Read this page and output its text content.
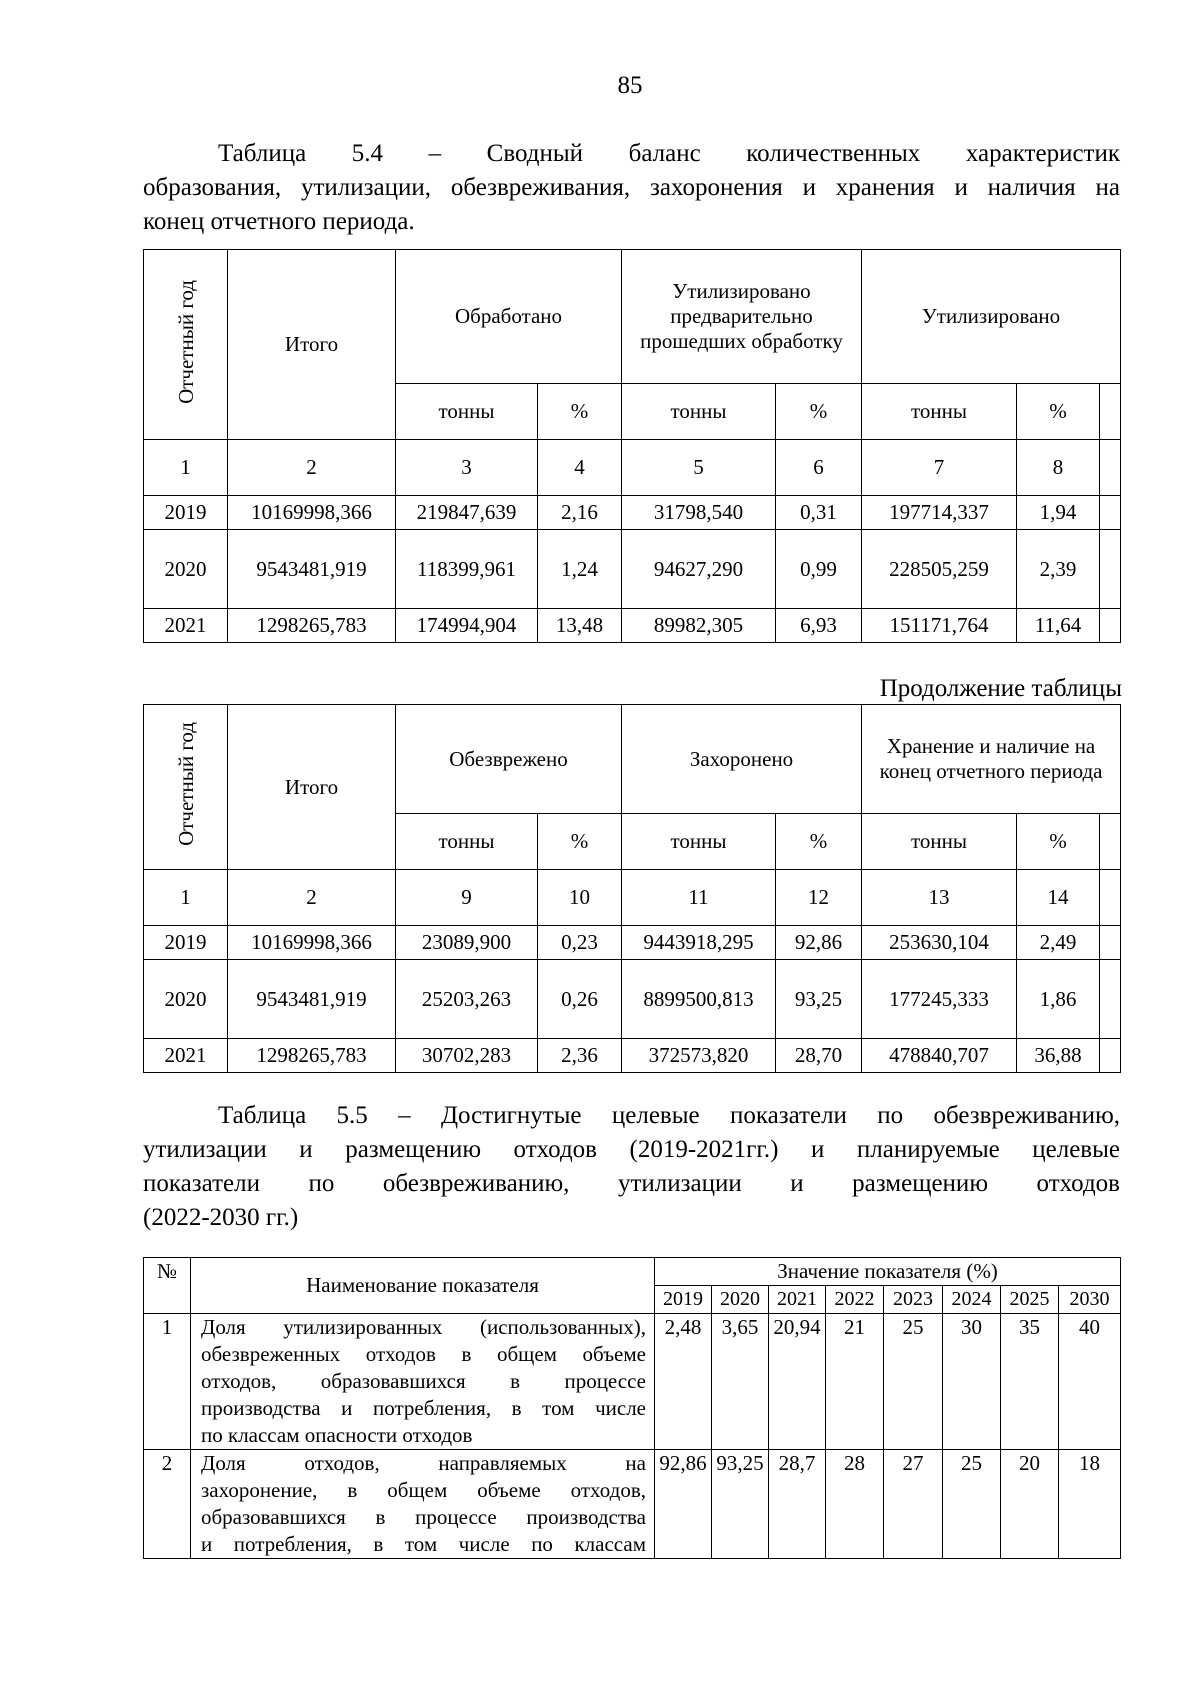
85
Таблица 5.4 – Сводный баланс количественных характеристик
образования, утилизации, обезвреживания, захоронения и хранения и наличия на
конец отчетного периода.
Отчетный год	Итого	Обработано		Утилизировано предварительно прошедших обработку		Утилизировано		
		тонны	%	тонны	%	тонны	%	
1	2	3	4	5	6	7	8	
2019	10169998,366	219847,639	2,16	31798,540	0,31	197714,337	1,94	
2020	9543481,919	118399,961	1,24	94627,290	0,99	228505,259	2,39	
2021	1298265,783	174994,904	13,48	89982,305	6,93	151171,764	11,64	
Продолжение таблицы
Отчетный год	Итого	Обезврежено		Захоронено		Хранение и наличие на конец отчетного периода		
		тонны	%	тонны	%	тонны	%	
1	2	9	10	11	12	13	14	
2019	10169998,366	23089,900	0,23	9443918,295	92,86	253630,104	2,49	
2020	9543481,919	25203,263	0,26	8899500,813	93,25	177245,333	1,86	
2021	1298265,783	30702,283	2,36	372573,820	28,70	478840,707	36,88	
Таблица 5.5 – Достигнутые целевые показатели по обезвреживанию,
утилизации и размещению отходов (2019-2021гг.) и планируемые целевые
показатели по обезвреживанию, утилизации и размещению отходов
(2022-2030 гг.)
№	Наименование показателя	Значение показателя (%)							
		2019	2020	2021	2022	2023	2024	2025	2030
1	Доля утилизированных (использованных),
обезвреженных отходов в общем объеме
отходов, образовавшихся в процессе
производства и потребления, в том числе
по классам опасности отходов	2,48	3,65	20,94	21	25	30	35	40
2	Доля отходов, направляемых на
захоронение, в общем объеме отходов,
образовавшихся в процессе производства
и потребления, в том числе по классам	92,86	93,25	28,7	28	27	25	20	18
